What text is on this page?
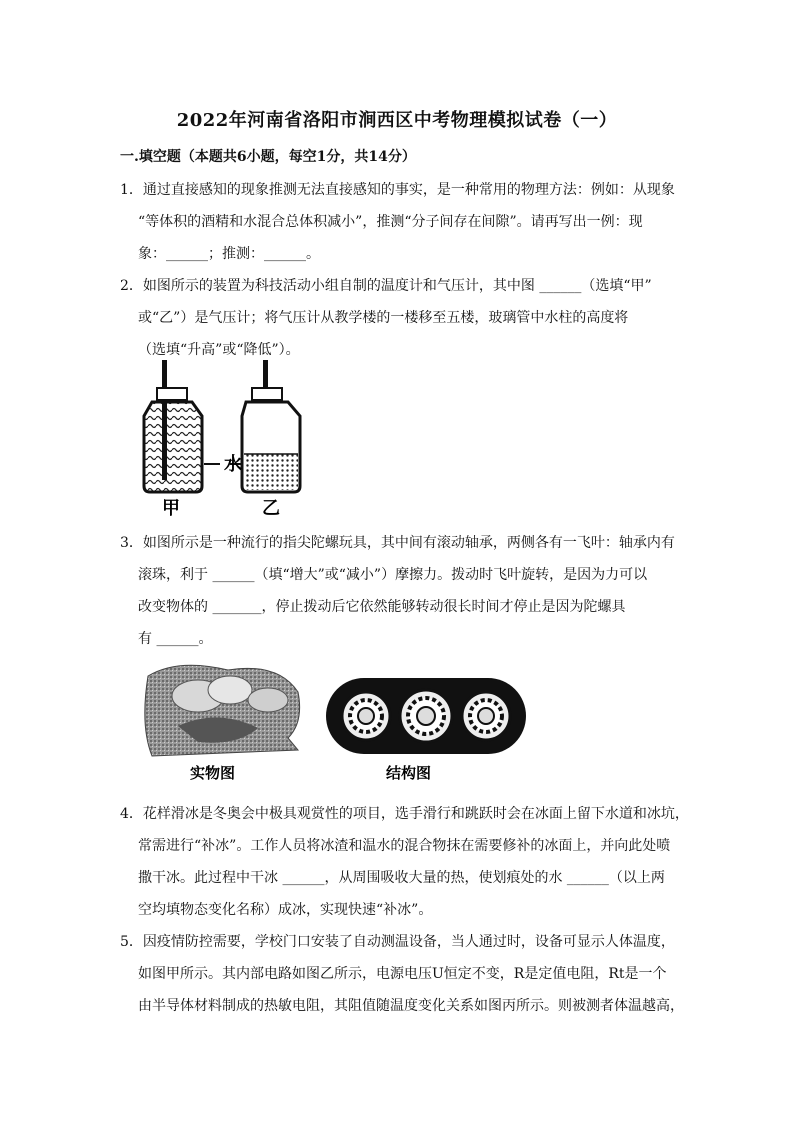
2022年河南省洛阳市涧西区中考物理模拟试卷（一）
一.填空题（本题共6小题，每空1分，共14分）
1．通过直接感知的现象推测无法直接感知的事实，是一种常用的物理方法：例如：从现象
“等体积的酒精和水混合总体积减小”，推测“分子间存在间隙”。请再写出一例：现
象：______；推测：______。
2．如图所示的装置为科技活动小组自制的温度计和气压计，其中图 ______（选填“甲”
或“乙”）是气压计；将气压计从教学楼的一楼移至五楼，玻璃管中水柱的高度将
（选填“升高”或“降低”）。
水
甲	乙
3．如图所示是一种流行的指尖陀螺玩具，其中间有滚动轴承，两侧各有一飞叶：轴承内有
滚珠，利于 ______（填“增大”或“减小”）摩擦力。拨动时飞叶旋转，是因为力可以
改变物体的 _______，停止拨动后它依然能够转动很长时间才停止是因为陀螺具
有 ______。
实物图	结构图
4．花样滑冰是冬奥会中极具观赏性的项目，选手滑行和跳跃时会在冰面上留下水道和冰坑，
常需进行“补冰”。工作人员将冰渣和温水的混合物抹在需要修补的冰面上，并向此处喷
撒干冰。此过程中干冰 ______，从周围吸收大量的热，使划痕处的水 ______（以上两
空均填物态变化名称）成冰，实现快速“补冰”。
5．因疫情防控需要，学校门口安装了自动测温设备，当人通过时，设备可显示人体温度，
如图甲所示。其内部电路如图乙所示，电源电压U恒定不变，R是定值电阻，Rt是一个
由半导体材料制成的热敏电阻，其阻值随温度变化关系如图丙所示。则被测者体温越高，
